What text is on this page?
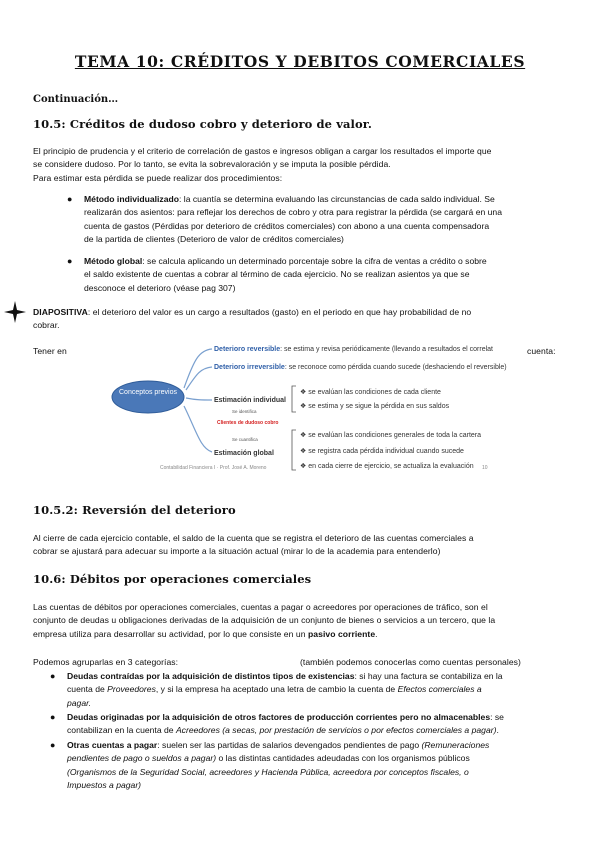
TEMA 10: CRÉDITOS Y DEBITOS COMERCIALES
Continuación…
10.5: Créditos de dudoso cobro y deterioro de valor.
El principio de prudencia y el criterio de correlación de gastos e ingresos obligan a cargar los resultados el importe que
se considere dudoso. Por lo tanto, se evita la sobrevaloración y se imputa la posible pérdida.
Para estimar esta pérdida se puede realizar dos procedimientos:
● Método individualizado: la cuantía se determina evaluando las circunstancias de cada saldo individual. Se
realizarán dos asientos: para reflejar los derechos de cobro y otra para registrar la pérdida (se cargará en una
cuenta de gastos (Pérdidas por deterioro de créditos comerciales) con abono a una cuenta compensadora
de la partida de clientes (Deterioro de valor de créditos comerciales)
● Método global: se calcula aplicando un determinado porcentaje sobre la cifra de ventas a crédito o sobre
el saldo existente de cuentas a cobrar al término de cada ejercicio. No se realizan asientos ya que se
desconoce el deterioro (véase pag 307)
DIAPOSITIVA: el deterioro del valor es un cargo a resultados (gasto) en el periodo en que hay probabilidad de no
cobrar.
Tener en	cuenta:
Conceptos previos
Deterioro reversible: se estima y revisa periódicamente (llevando a resultados el correlat
Deterioro irreversible: se reconoce como pérdida cuando sucede (deshaciendo el reversible)
Estimación individual
❖ se evalúan las condiciones de cada cliente
❖ se estima y se sigue la pérdida en sus saldos
Se identifica
Clientes de dudoso cobro
Se cuantifica
Estimación global
❖ se evalúan las condiciones generales de toda la cartera
❖ se registra cada pérdida individual cuando sucede
❖ en cada cierre de ejercicio, se actualiza la evaluación
Contabilidad Financiera I · Prof. José A. Moreno	10
10.5.2: Reversión del deterioro
Al cierre de cada ejercicio contable, el saldo de la cuenta que se registra el deterioro de las cuentas comerciales a
cobrar se ajustará para adecuar su importe a la situación actual (mirar lo de la academia para entenderlo)
10.6: Débitos por operaciones comerciales
Las cuentas de débitos por operaciones comerciales, cuentas a pagar o acreedores por operaciones de tráfico, son el
conjunto de deudas u obligaciones derivadas de la adquisición de un conjunto de bienes o servicios a un tercero, que la
empresa utiliza para desarrollar su actividad, por lo que consiste en un pasivo corriente.
Podemos agruparlas en 3 categorías:	(también podemos conocerlas como cuentas personales)
● Deudas contraídas por la adquisición de distintos tipos de existencias: si hay una factura se contabiliza en la
cuenta de Proveedores, y si la empresa ha aceptado una letra de cambio la cuenta de Efectos comerciales a
pagar.
● Deudas originadas por la adquisición de otros factores de producción corrientes pero no almacenables: se
contabilizan en la cuenta de Acreedores (a secas, por prestación de servicios o por efectos comerciales a pagar).
● Otras cuentas a pagar: suelen ser las partidas de salarios devengados pendientes de pago (Remuneraciones
pendientes de pago o sueldos a pagar) o las distintas cantidades adeudadas con los organismos públicos
(Organismos de la Seguridad Social, acreedores y Hacienda Pública, acreedora por conceptos fiscales, o
Impuestos a pagar)
